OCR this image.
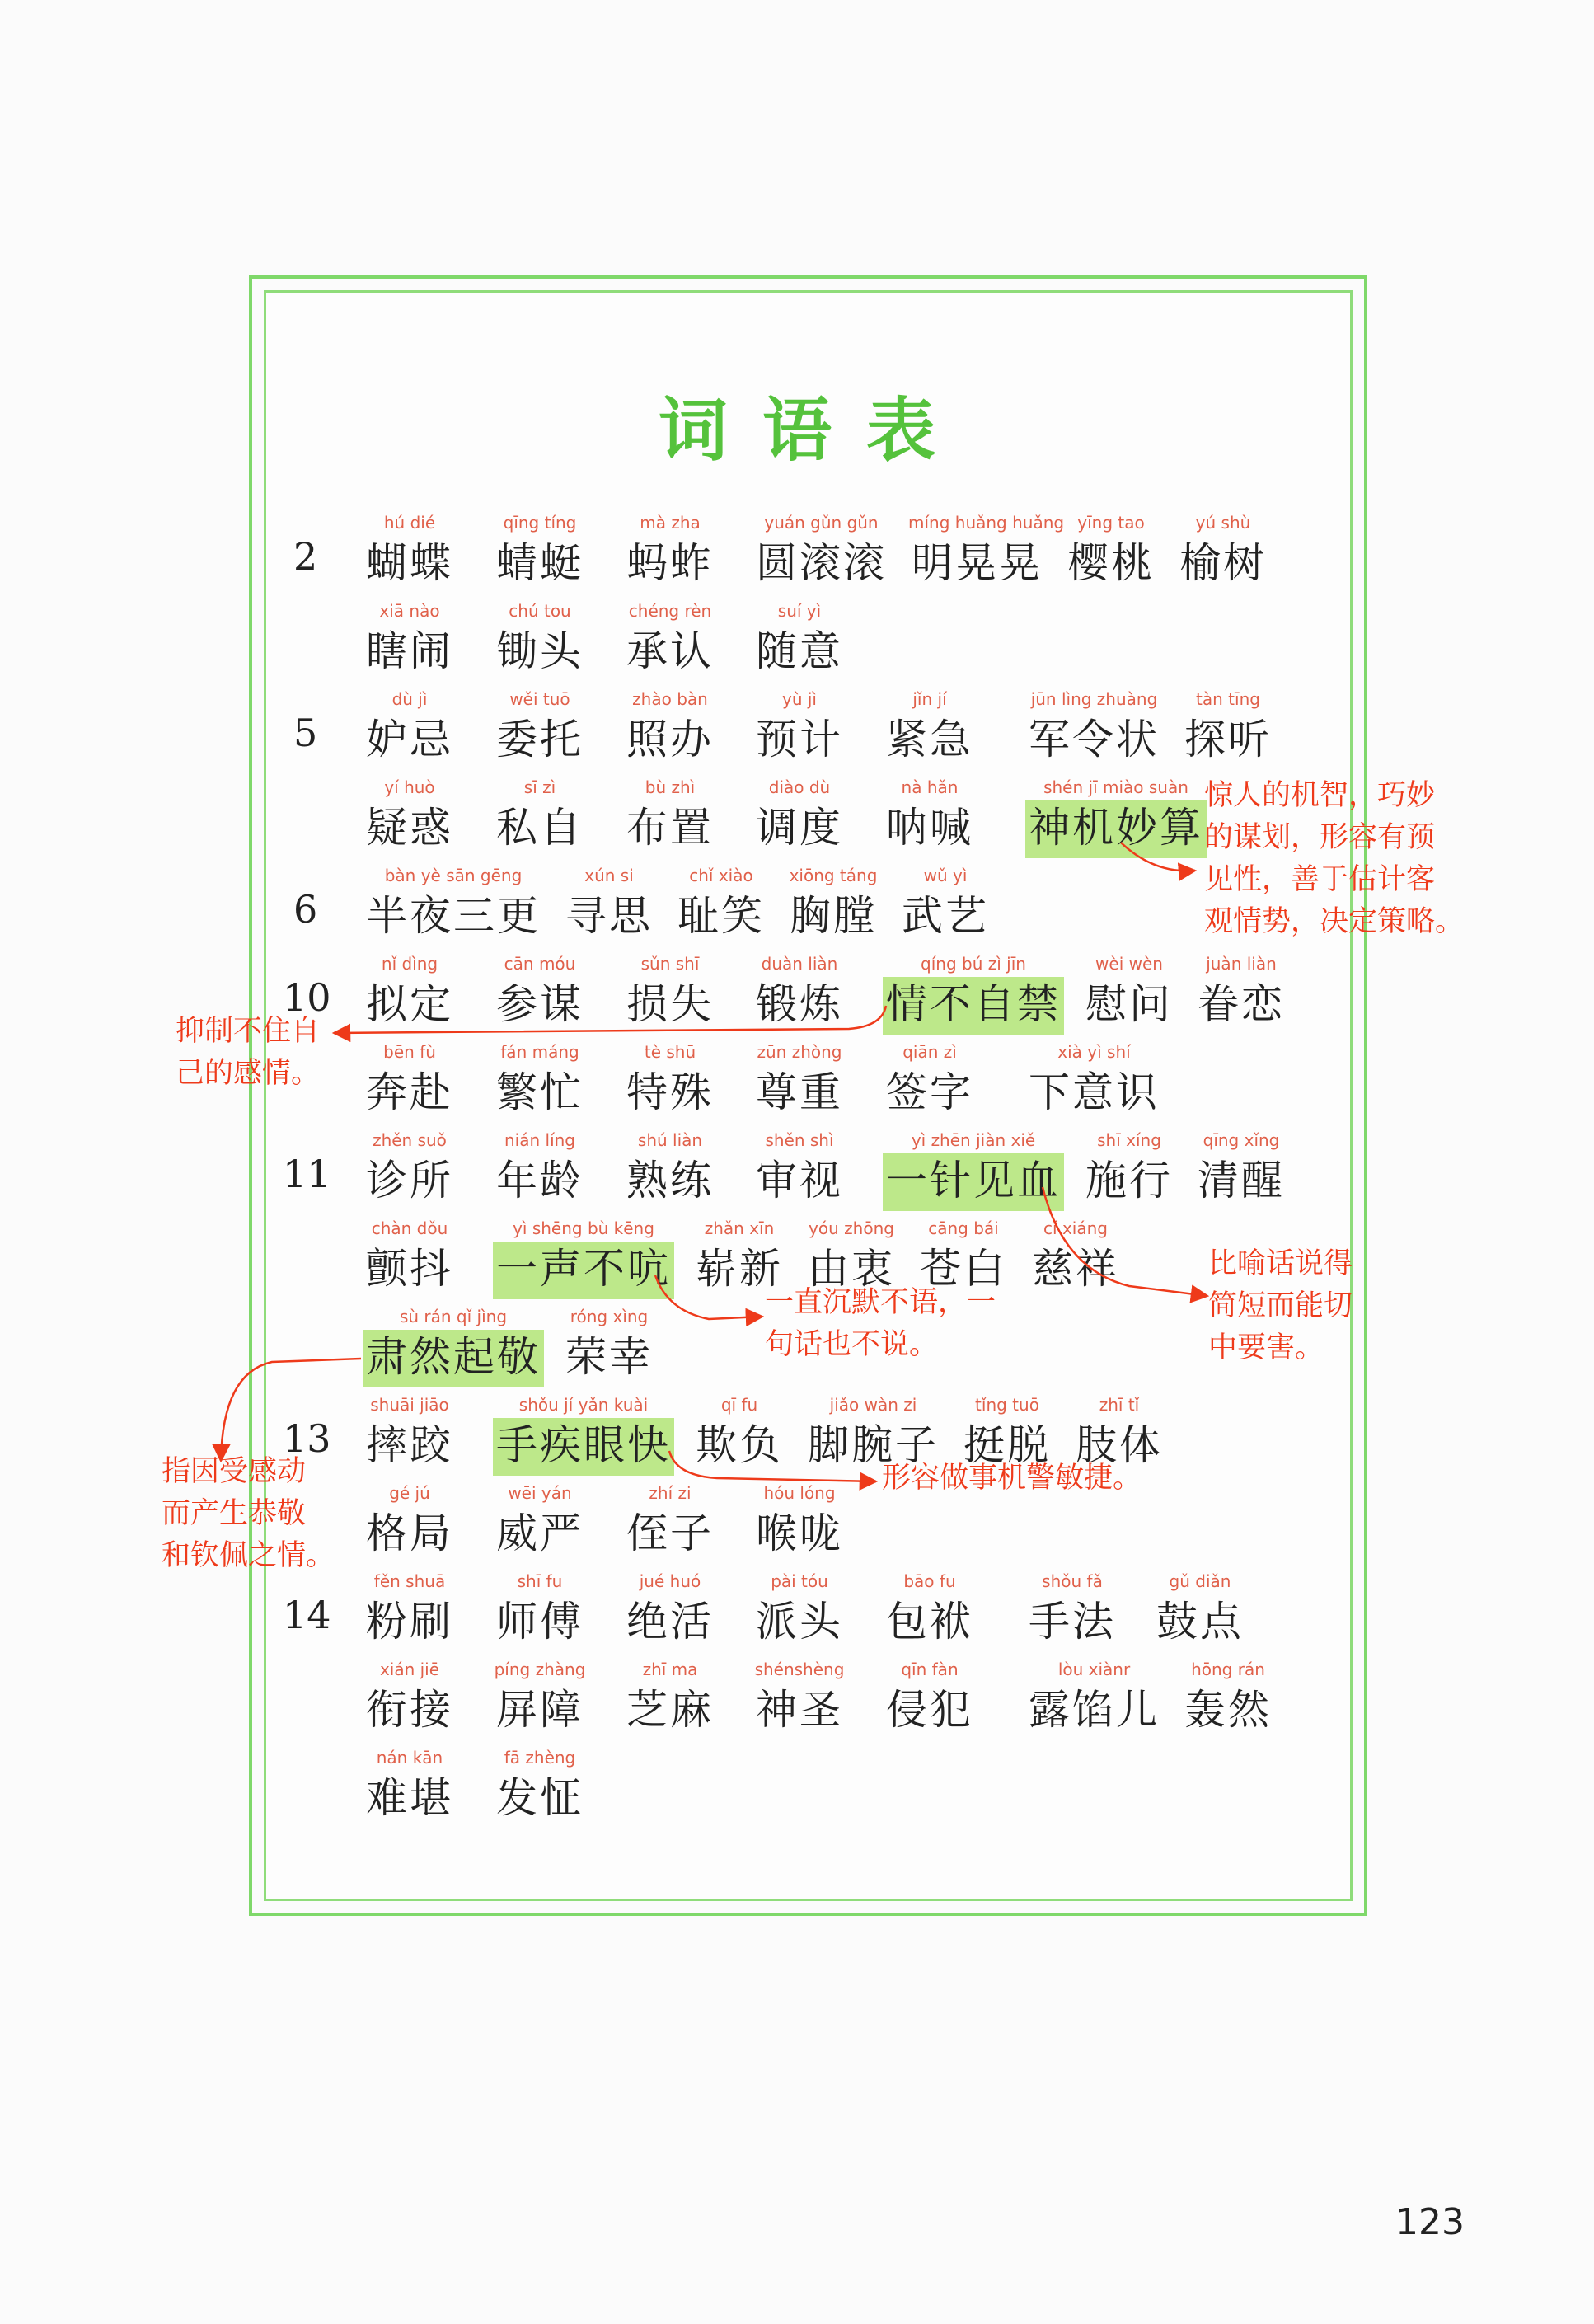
词语表
2
hú dié
蝴蝶
qīng tíng
蜻蜓
mà zha
蚂蚱
yuán gǔn gǔn
圆滚滚
míng huǎng huǎng
明晃晃
yīng tao
樱桃
yú shù
榆树
xiā nào
瞎闹
chú tou
锄头
chéng rèn
承认
suí yì
随意
5
dù jì
妒忌
wěi tuō
委托
zhào bàn
照办
yù jì
预计
jǐn jí
紧急
jūn lìng zhuàng
军令状
tàn tīng
探听
yí huò
疑惑
sī zì
私自
bù zhì
布置
diào dù
调度
nà hǎn
呐喊
shén jī miào suàn
神机妙算
6
bàn yè sān gēng
半夜三更
xún si
寻思
chǐ xiào
耻笑
xiōng táng
胸膛
wǔ yì
武艺
10
nǐ dìng
拟定
cān móu
参谋
sǔn shī
损失
duàn liàn
锻炼
qíng bú zì jīn
情不自禁
wèi wèn
慰问
juàn liàn
眷恋
bēn fù
奔赴
fán máng
繁忙
tè shū
特殊
zūn zhòng
尊重
qiān zì
签字
xià yì shí
下意识
11
zhěn suǒ
诊所
nián líng
年龄
shú liàn
熟练
shěn shì
审视
yì zhēn jiàn xiě
一针见血
shī xíng
施行
qīng xǐng
清醒
chàn dǒu
颤抖
yì shēng bù kēng
一声不吭
zhǎn xīn
崭新
yóu zhōng
由衷
cāng bái
苍白
cí xiáng
慈祥
sù rán qǐ jìng
肃然起敬
róng xìng
荣幸
13
shuāi jiāo
摔跤
shǒu jí yǎn kuài
手疾眼快
qī fu
欺负
jiǎo wàn zi
脚腕子
tǐng tuō
挺脱
zhī tǐ
肢体
gé jú
格局
wēi yán
威严
zhí zi
侄子
hóu lóng
喉咙
14
fěn shuā
粉刷
shī fu
师傅
jué huó
绝活
pài tóu
派头
bāo fu
包袱
shǒu fǎ
手法
gǔ diǎn
鼓点
xián jiē
衔接
píng zhàng
屏障
zhī ma
芝麻
shénshèng
神圣
qīn fàn
侵犯
lòu xiànr
露馅儿
hōng rán
轰然
nán kān
难堪
fā zhèng
发怔
惊人的机智，巧妙
的谋划，形容有预
见性，善于估计客
观情势，决定策略。
抑制不住自
己的感情。
比喻话说得
简短而能切
中要害。
一直沉默不语，一
句话也不说。
指因受感动
而产生恭敬
和钦佩之情。
形容做事机警敏捷。
123
